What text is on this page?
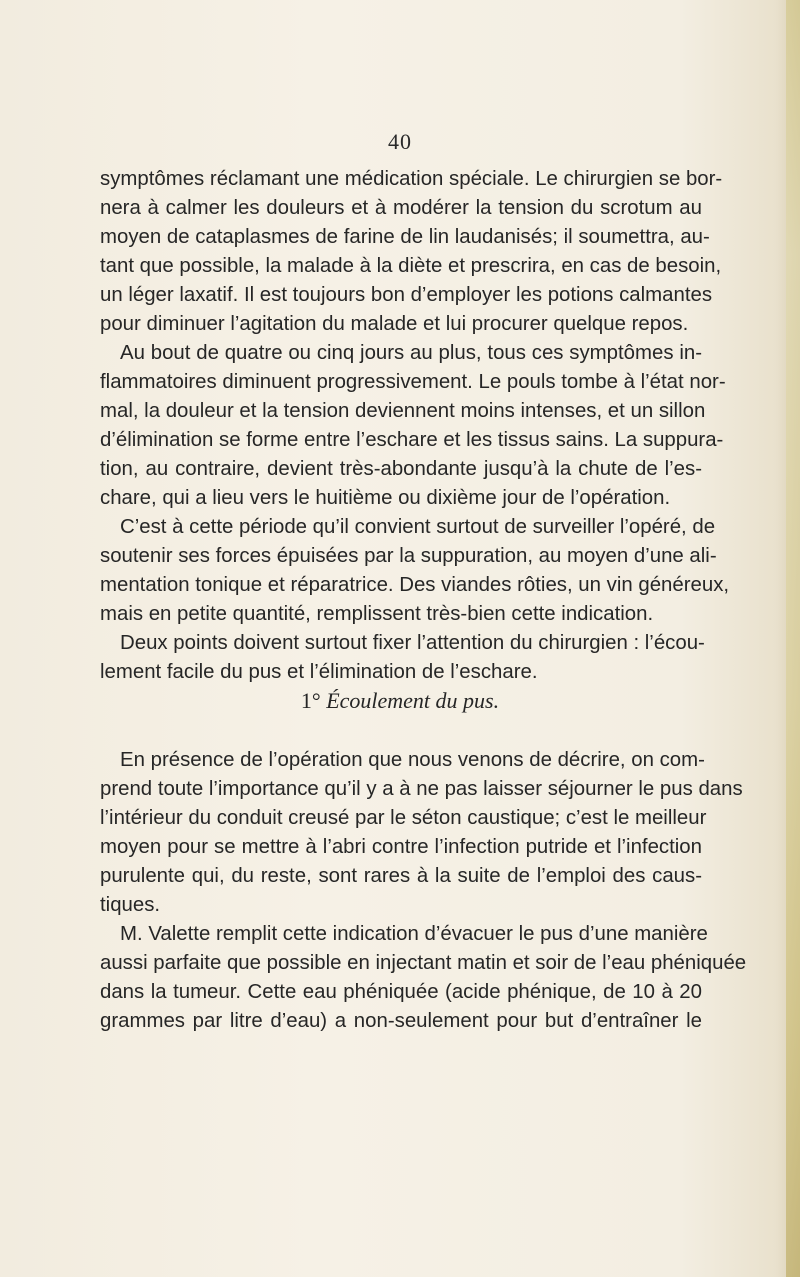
40
symptômes réclamant une médication spéciale. Le chirurgien se bor-
nera à calmer les douleurs et à modérer la tension du scrotum au
moyen de cataplasmes de farine de lin laudanisés; il soumettra, au-
tant que possible, la malade à la diète et prescrira, en cas de besoin,
un léger laxatif. Il est toujours bon d’employer les potions calmantes
pour diminuer l’agitation du malade et lui procurer quelque repos.
Au bout de quatre ou cinq jours au plus, tous ces symptômes in-
flammatoires diminuent progressivement. Le pouls tombe à l’état nor-
mal, la douleur et la tension deviennent moins intenses, et un sillon
d’élimination se forme entre l’eschare et les tissus sains. La suppura-
tion, au contraire, devient très-abondante jusqu’à la chute de l’es-
chare, qui a lieu vers le huitième ou dixième jour de l’opération.
C’est à cette période qu’il convient surtout de surveiller l’opéré, de
soutenir ses forces épuisées par la suppuration, au moyen d’une ali-
mentation tonique et réparatrice. Des viandes rôties, un vin généreux,
mais en petite quantité, remplissent très-bien cette indication.
Deux points doivent surtout fixer l’attention du chirurgien : l’écou-
lement facile du pus et l’élimination de l’eschare.
1° Écoulement du pus.
En présence de l’opération que nous venons de décrire, on com-
prend toute l’importance qu’il y a à ne pas laisser séjourner le pus dans
l’intérieur du conduit creusé par le séton caustique; c’est le meilleur
moyen pour se mettre à l’abri contre l’infection putride et l’infection
purulente qui, du reste, sont rares à la suite de l’emploi des caus-
tiques.
M. Valette remplit cette indication d’évacuer le pus d’une manière
aussi parfaite que possible en injectant matin et soir de l’eau phéniquée
dans la tumeur. Cette eau phéniquée (acide phénique, de 10 à 20
grammes par litre d’eau) a non-seulement pour but d’entraîner le
